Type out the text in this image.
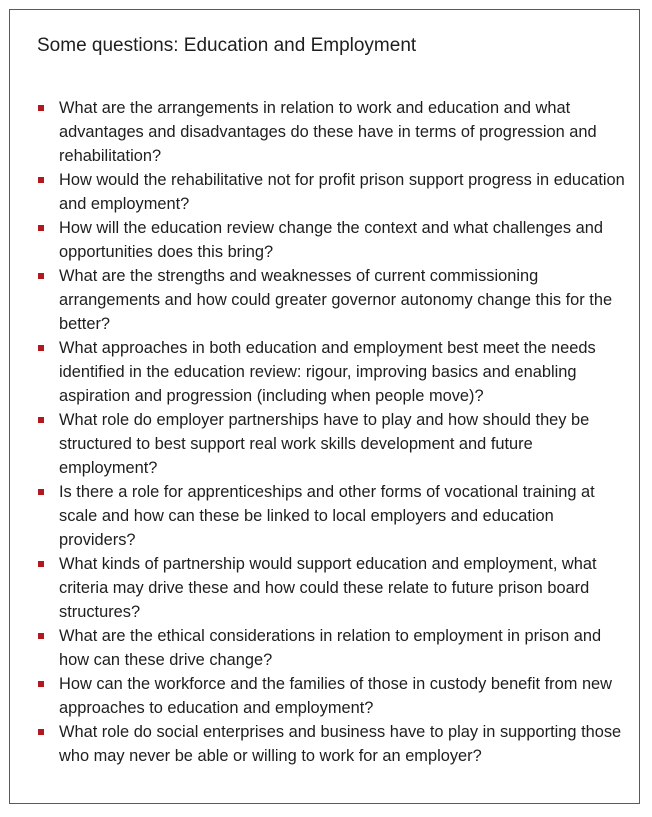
Some questions: Education and Employment
What are the arrangements in relation to work and education and what advantages and disadvantages do these have in terms of progression and rehabilitation?
How would the rehabilitative not for profit prison support progress in education and employment?
How will the education review change the context and what challenges and opportunities does this bring?
What are the strengths and weaknesses of current commissioning arrangements and how could greater governor autonomy change this for the better?
What approaches in both education and employment best meet the needs identified in the education review: rigour, improving basics and enabling aspiration and progression (including when people move)?
What role do employer partnerships have to play and how should they be structured to best support real work skills development and future employment?
Is there a role for apprenticeships and other forms of vocational training at scale and how can these be linked to local employers and education providers?
What kinds of partnership would support education and employment, what criteria may drive these and how could these relate to future prison board structures?
What are the ethical considerations in relation to employment in prison and how can these drive change?
How can the workforce and the families of those in custody benefit from new approaches to education and employment?
What role do social enterprises and business have to play in supporting those who may never be able or willing to work for an employer?
